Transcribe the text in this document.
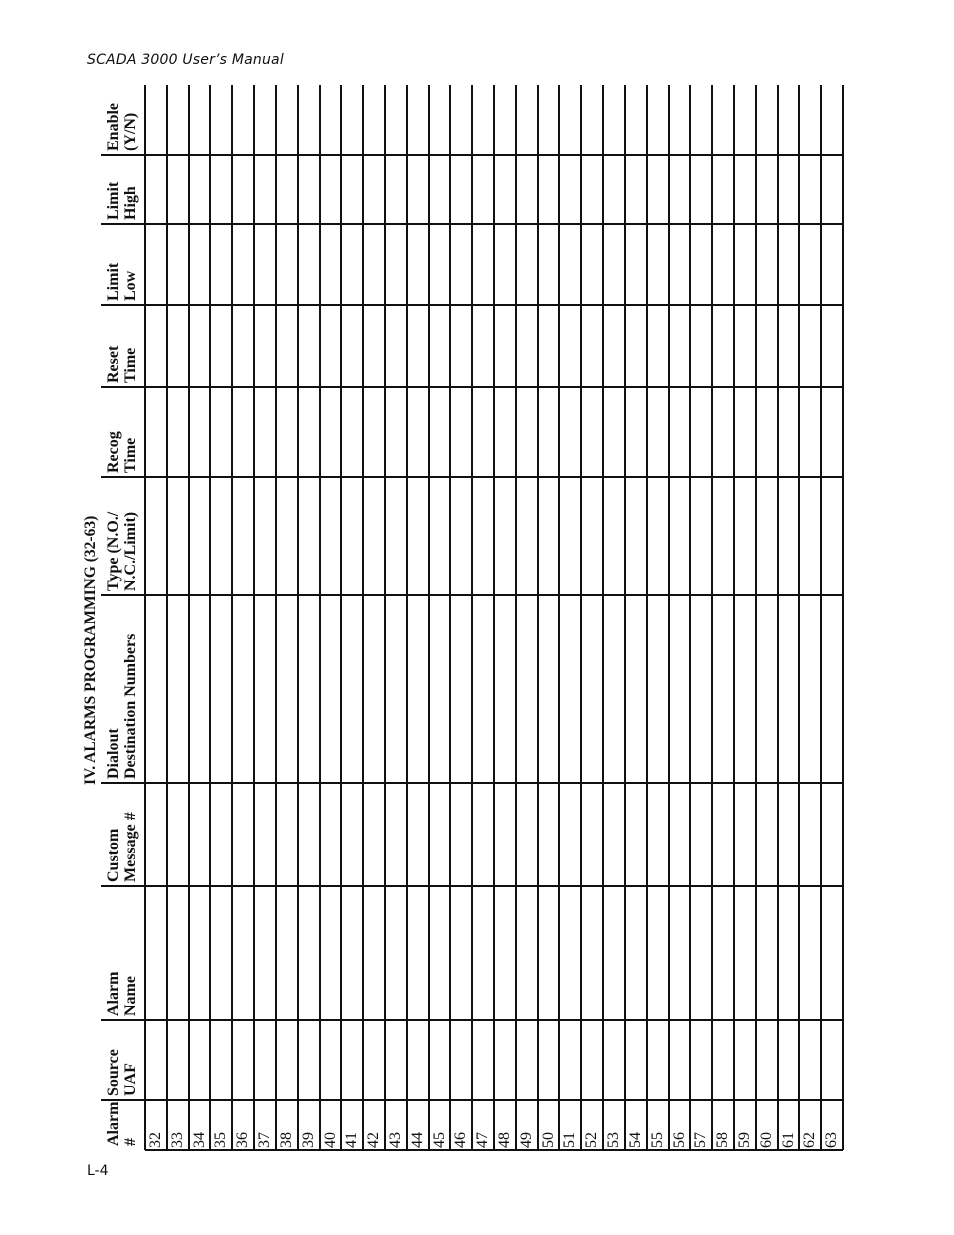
SCADA 3000 User’s Manual
IV. ALARMS PROGRAMMING (32-63)
Alarm #
Source UAF
Alarm Name
Custom Message #
Dialout Destination Numbers
Type (N.O./ N.C./Limit)
Recog Time
Reset Time
Limit Low
Limit High
Enable (Y/N)
32 33 34 35 36 37 38 39 40 41 42 43 44 45 46 47 48 49 50 51 52 53 54 55 56 57 58 59 60 61 62 63
L-4
